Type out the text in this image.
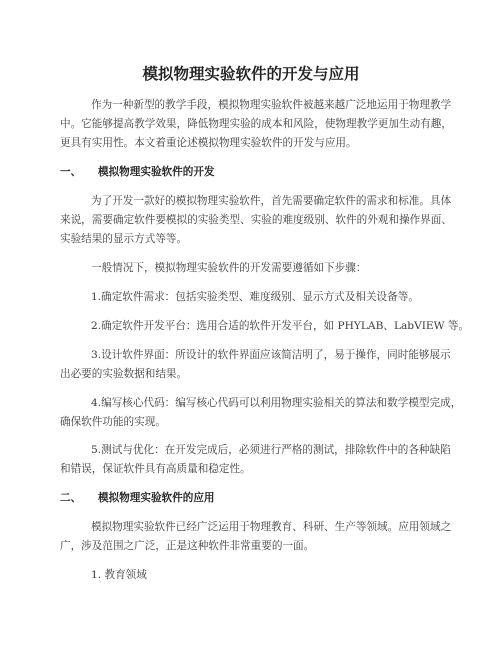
模拟物理实验软件的开发与应用
作为一种新型的教学手段，模拟物理实验软件被越来越广泛地运用于物理教学
中。它能够提高教学效果，降低物理实验的成本和风险，使物理教学更加生动有趣，
更具有实用性。本文着重论述模拟物理实验软件的开发与应用。
一、 模拟物理实验软件的开发
为了开发一款好的模拟物理实验软件，首先需要确定软件的需求和标准。具体
来说，需要确定软件要模拟的实验类型、实验的难度级别、软件的外观和操作界面、
实验结果的显示方式等等。
一般情况下，模拟物理实验软件的开发需要遵循如下步骤：
1.确定软件需求：包括实验类型、难度级别、显示方式及相关设备等。
2.确定软件开发平台：选用合适的软件开发平台，如 PHYLAB、LabVIEW 等。
3.设计软件界面：所设计的软件界面应该简洁明了，易于操作，同时能够展示
出必要的实验数据和结果。
4.编写核心代码：编写核心代码可以利用物理实验相关的算法和数学模型完成，
确保软件功能的实现。
5.测试与优化：在开发完成后，必须进行严格的测试，排除软件中的各种缺陷
和错误，保证软件具有高质量和稳定性。
二、 模拟物理实验软件的应用
模拟物理实验软件已经广泛运用于物理教育、科研、生产等领域。应用领域之
广，涉及范围之广泛，正是这种软件非常重要的一面。
1. 教育领域
